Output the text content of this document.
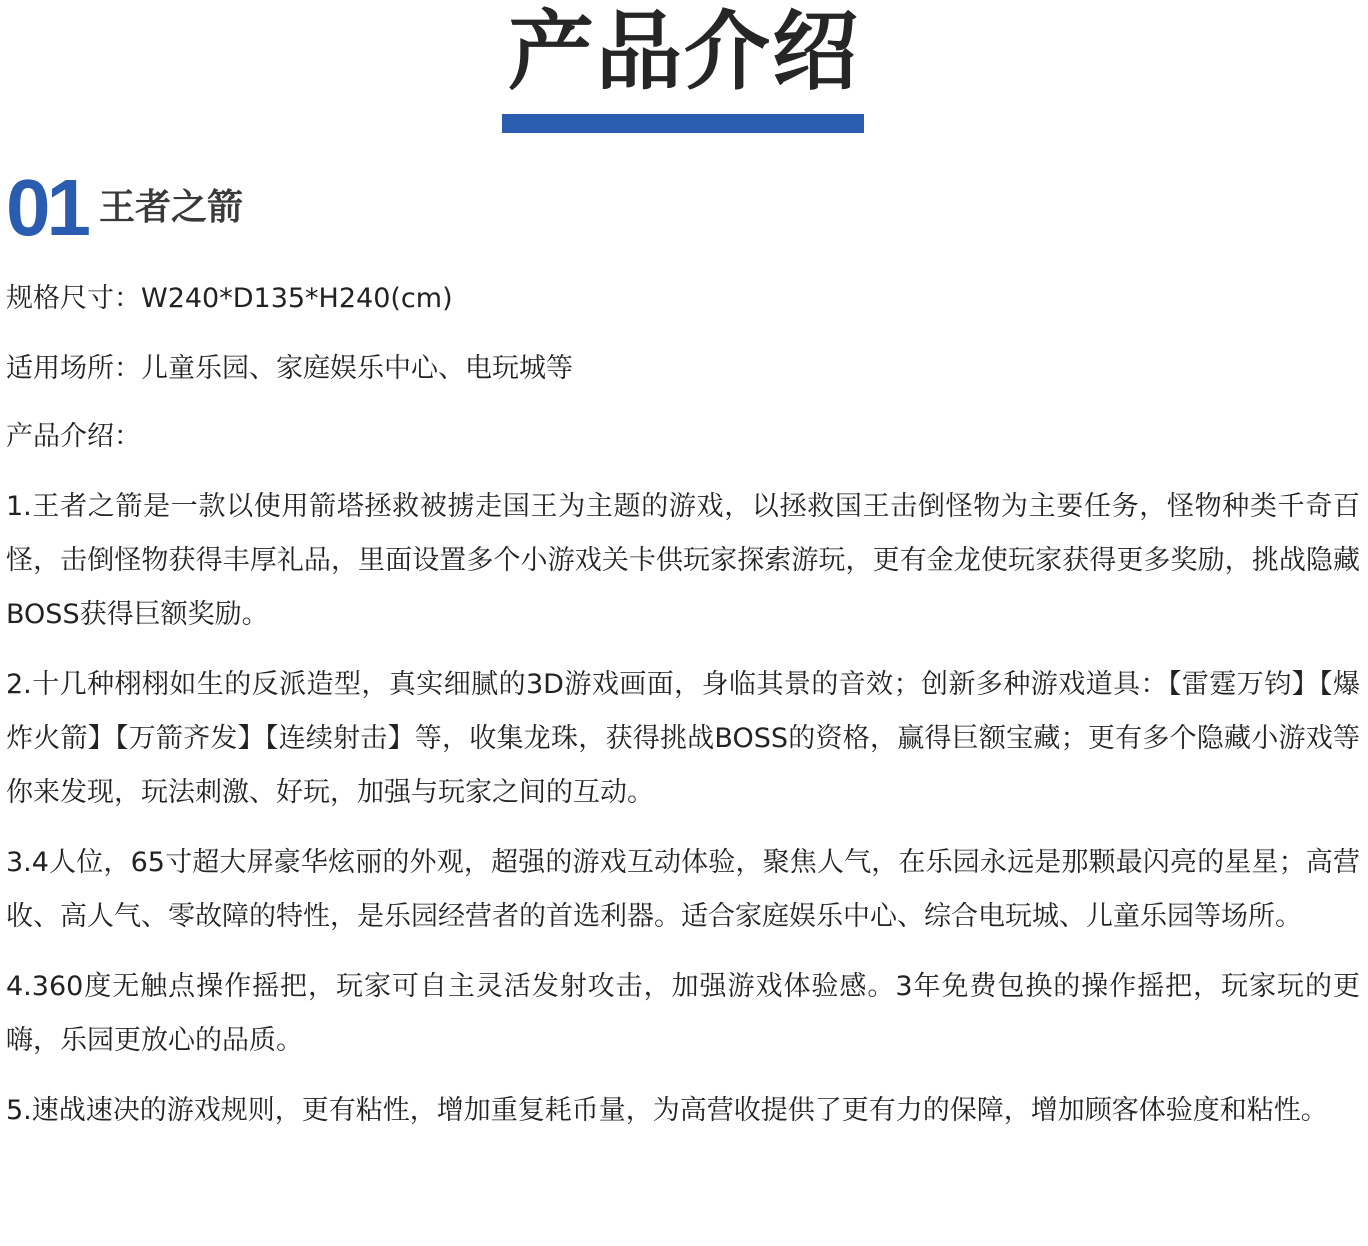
产品介绍
01 王者之箭

规格尺寸：W240*D135*H240(cm)

适用场所：儿童乐园、家庭娱乐中心、电玩城等

产品介绍：

1.王者之箭是一款以使用箭塔拯救被掳走国王为主题的游戏，以拯救国王击倒怪物为主要任务，怪物种类千奇百怪，击倒怪物获得丰厚礼品，里面设置多个小游戏关卡供玩家探索游玩，更有金龙使玩家获得更多奖励，挑战隐藏BOSS获得巨额奖励。

2.十几种栩栩如生的反派造型，真实细腻的3D游戏画面，身临其景的音效；创新多种游戏道具：【雷霆万钧】【爆炸火箭】【万箭齐发】【连续射击】等，收集龙珠，获得挑战BOSS的资格，赢得巨额宝藏；更有多个隐藏小游戏等你来发现，玩法刺激、好玩，加强与玩家之间的互动。

3.4人位，65寸超大屏豪华炫丽的外观，超强的游戏互动体验，聚焦人气，在乐园永远是那颗最闪亮的星星；高营收、高人气、零故障的特性，是乐园经营者的首选利器。适合家庭娱乐中心、综合电玩城、儿童乐园等场所。

4.360度无触点操作摇把，玩家可自主灵活发射攻击，加强游戏体验感。3年免费包换的操作摇把，玩家玩的更嗨，乐园更放心的品质。

5.速战速决的游戏规则，更有粘性，增加重复耗币量，为高营收提供了更有力的保障，增加顾客体验度和粘性。
